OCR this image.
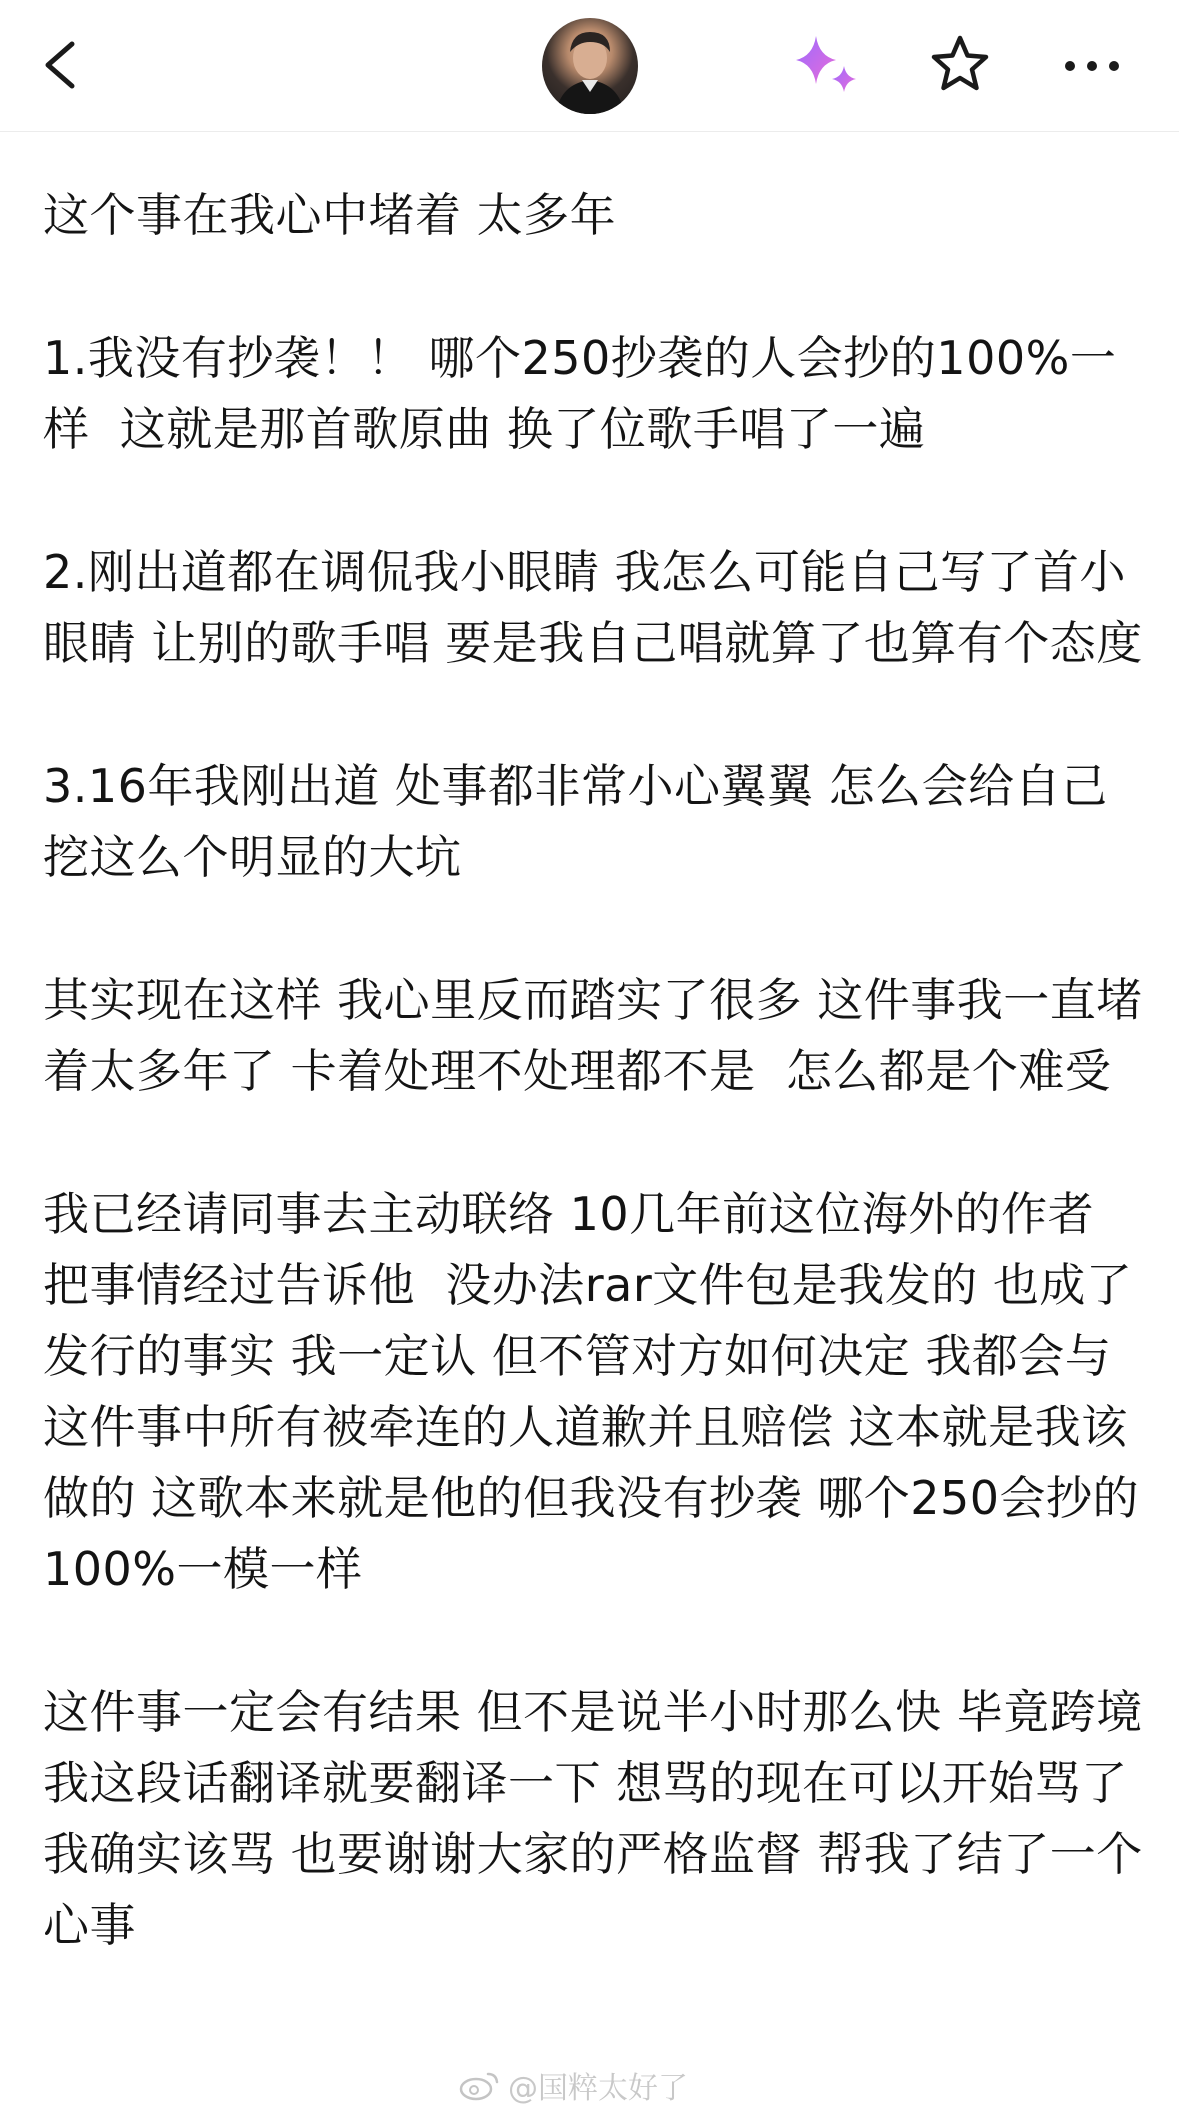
这个事在我心中堵着 太多年

1.我没有抄袭！！ 哪个250抄袭的人会抄的100%一样  这就是那首歌原曲 换了位歌手唱了一遍

2.刚出道都在调侃我小眼睛 我怎么可能自己写了首小眼睛 让别的歌手唱 要是我自己唱就算了也算有个态度

3.16年我刚出道 处事都非常小心翼翼 怎么会给自己挖这么个明显的大坑

其实现在这样 我心里反而踏实了很多 这件事我一直堵着太多年了 卡着处理不处理都不是  怎么都是个难受

我已经请同事去主动联络 10几年前这位海外的作者 把事情经过告诉他  没办法rar文件包是我发的 也成了发行的事实 我一定认 但不管对方如何决定 我都会与这件事中所有被牵连的人道歉并且赔偿 这本就是我该做的 这歌本来就是他的但我没有抄袭 哪个250会抄的100%一模一样

这件事一定会有结果 但不是说半小时那么快 毕竟跨境 我这段话翻译就要翻译一下 想骂的现在可以开始骂了 我确实该骂 也要谢谢大家的严格监督 帮我了结了一个心事

@国粹太好了
